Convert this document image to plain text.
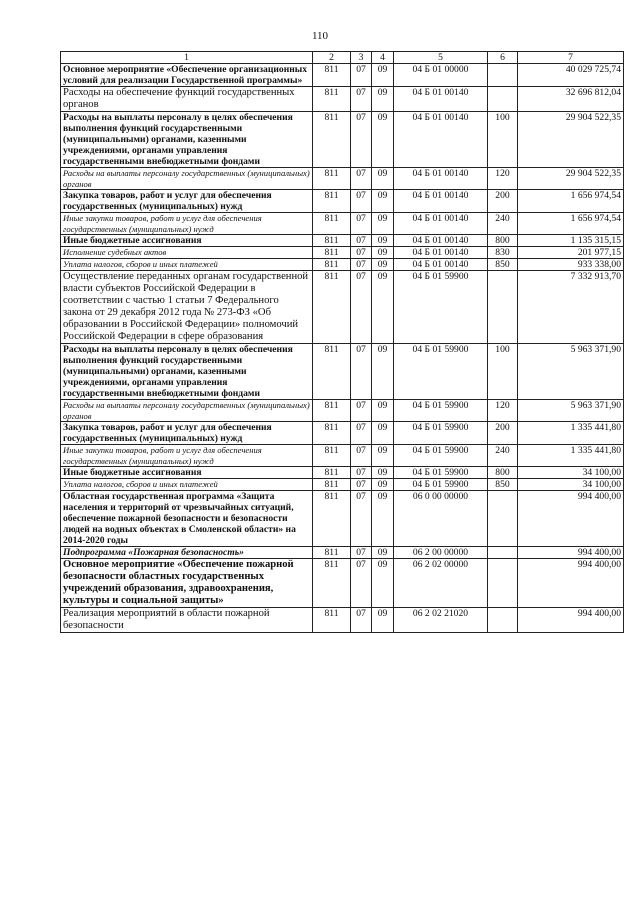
110
1	2	3	4	5	6	7
Основное мероприятие «Обеспечение организационных условий для реализации Государственной программы»	811	07	09	04 Б 01 00000		40 029 725,74
Расходы на обеспечение функций государственных органов	811	07	09	04 Б 01 00140		32 696 812,04
Расходы на выплаты персоналу в целях обеспечения выполнения функций государственными (муниципальными) органами, казенными учреждениями, органами управления государственными внебюджетными фондами	811	07	09	04 Б 01 00140	100	29 904 522,35
Расходы на выплаты персоналу государственных (муниципальных) органов	811	07	09	04 Б 01 00140	120	29 904 522,35
Закупка товаров, работ и услуг для обеспечения государственных (муниципальных) нужд	811	07	09	04 Б 01 00140	200	1 656 974,54
Иные закупки товаров, работ и услуг для обеспечения государственных (муниципальных) нужд	811	07	09	04 Б 01 00140	240	1 656 974,54
Иные бюджетные ассигнования	811	07	09	04 Б 01 00140	800	1 135 315,15
Исполнение судебных актов	811	07	09	04 Б 01 00140	830	201 977,15
Уплата налогов, сборов и иных платежей	811	07	09	04 Б 01 00140	850	933 338,00
Осуществление переданных органам государственной власти субъектов Российской Федерации в соответствии с частью 1 статьи 7 Федерального закона от 29 декабря 2012 года № 273-ФЗ «Об образовании в Российской Федерации» полномочий Российской Федерации в сфере образования	811	07	09	04 Б 01 59900		7 332 913,70
Расходы на выплаты персоналу в целях обеспечения выполнения функций государственными (муниципальными) органами, казенными учреждениями, органами управления государственными внебюджетными фондами	811	07	09	04 Б 01 59900	100	5 963 371,90
Расходы на выплаты персоналу государственных (муниципальных) органов	811	07	09	04 Б 01 59900	120	5 963 371,90
Закупка товаров, работ и услуг для обеспечения государственных (муниципальных) нужд	811	07	09	04 Б 01 59900	200	1 335 441,80
Иные закупки товаров, работ и услуг для обеспечения государственных (муниципальных) нужд	811	07	09	04 Б 01 59900	240	1 335 441,80
Иные бюджетные ассигнования	811	07	09	04 Б 01 59900	800	34 100,00
Уплата налогов, сборов и иных платежей	811	07	09	04 Б 01 59900	850	34 100,00
Областная государственная программа «Защита населения и территорий от чрезвычайных ситуаций, обеспечение пожарной безопасности и безопасности людей на водных объектах в Смоленской области» на 2014-2020 годы	811	07	09	06 0 00 00000		994 400,00
Подпрограмма «Пожарная безопасность»	811	07	09	06 2 00 00000		994 400,00
Основное мероприятие «Обеспечение пожарной безопасности областных государственных учреждений образования, здравоохранения, культуры и социальной защиты»	811	07	09	06 2 02 00000		994 400,00
Реализация мероприятий в области пожарной безопасности	811	07	09	06 2 02 21020		994 400,00
